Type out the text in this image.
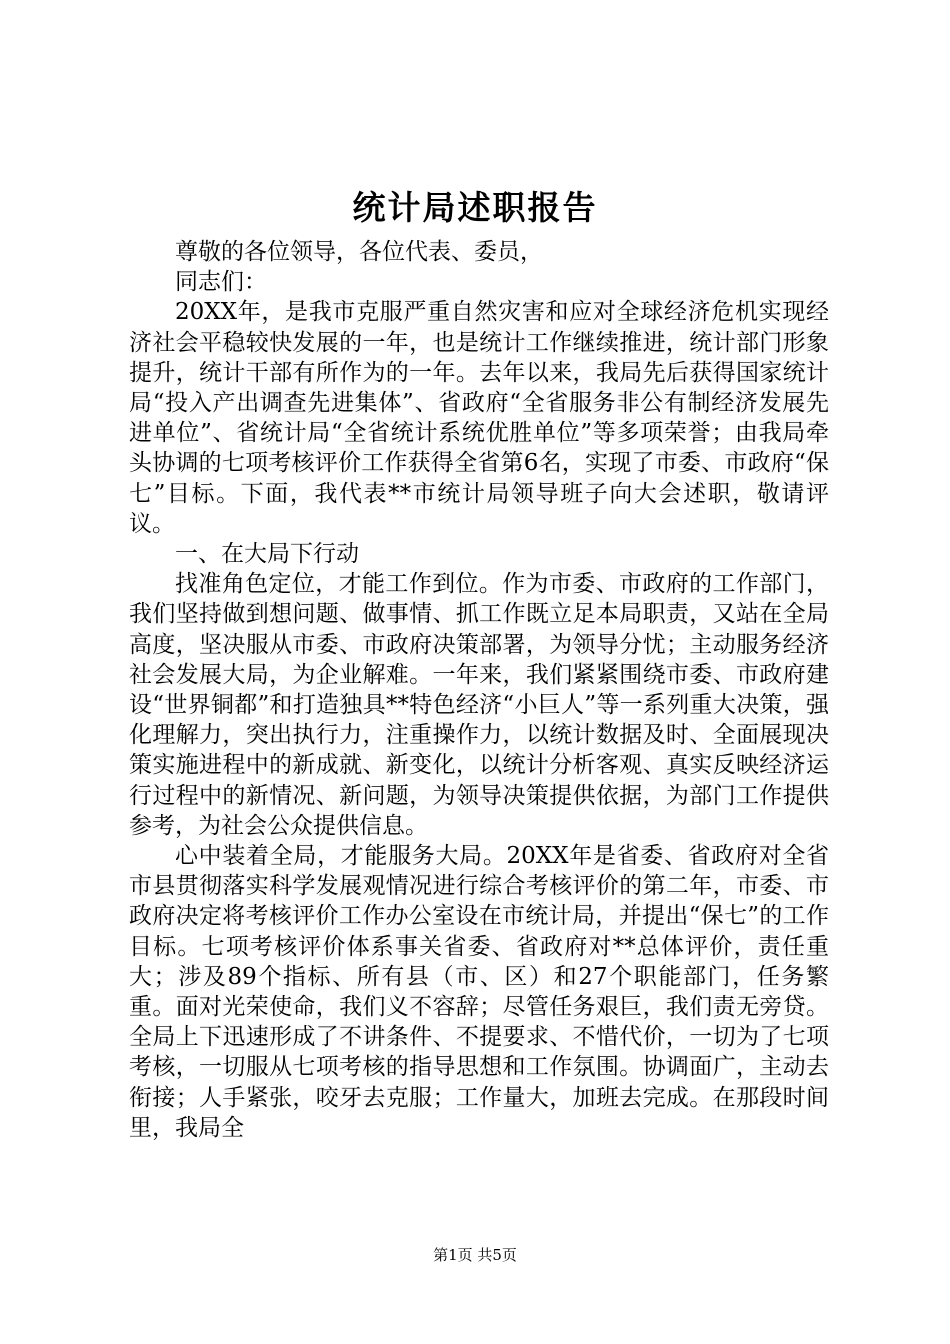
统计局述职报告

尊敬的各位领导，各位代表、委员，

同志们：

20XX年，是我市克服严重自然灾害和应对全球经济危机实现经济社会平稳较快发展的一年，也是统计工作继续推进，统计部门形象提升，统计干部有所作为的一年。去年以来，我局先后获得国家统计局“投入产出调查先进集体”、省政府“全省服务非公有制经济发展先进单位”、省统计局“全省统计系统优胜单位”等多项荣誉；由我局牵头协调的七项考核评价工作获得全省第6名，实现了市委、市政府“保七”目标。下面，我代表**市统计局领导班子向大会述职，敬请评议。

一、在大局下行动

找准角色定位，才能工作到位。作为市委、市政府的工作部门，我们坚持做到想问题、做事情、抓工作既立足本局职责，又站在全局高度，坚决服从市委、市政府决策部署，为领导分忧；主动服务经济社会发展大局，为企业解难。一年来，我们紧紧围绕市委、市政府建设“世界铜都”和打造独具**特色经济“小巨人”等一系列重大决策，强化理解力，突出执行力，注重操作力，以统计数据及时、全面展现决策实施进程中的新成就、新变化，以统计分析客观、真实反映经济运行过程中的新情况、新问题，为领导决策提供依据，为部门工作提供参考，为社会公众提供信息。

心中装着全局，才能服务大局。20XX年是省委、省政府对全省市县贯彻落实科学发展观情况进行综合考核评价的第二年，市委、市政府决定将考核评价工作办公室设在市统计局，并提出“保七”的工作目标。七项考核评价体系事关省委、省政府对**总体评价，责任重大；涉及89个指标、所有县（市、区）和27个职能部门，任务繁重。面对光荣使命，我们义不容辞；尽管任务艰巨，我们责无旁贷。全局上下迅速形成了不讲条件、不提要求、不惜代价，一切为了七项考核，一切服从七项考核的指导思想和工作氛围。协调面广，主动去衔接；人手紧张，咬牙去克服；工作量大，加班去完成。在那段时间里，我局全

第1页 共5页
